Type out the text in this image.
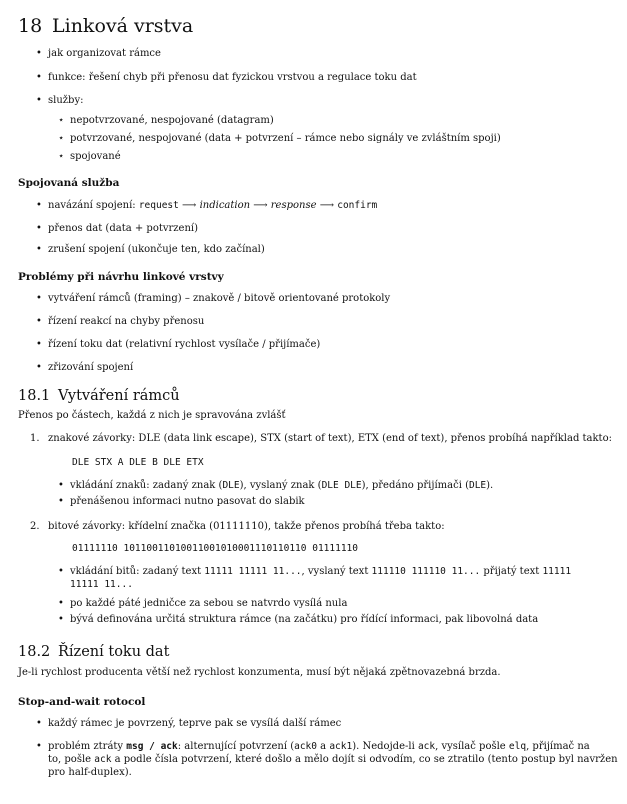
18 Linková vrstva
• jak organizovat rámce
• funkce: řešení chyb při přenosu dat fyzickou vrstvou a regulace toku dat
• služby:
⋆ nepotvrzované, nespojované (datagram)
⋆ potvrzované, nespojované (data + potvrzení – rámce nebo signály ve zvláštním spoji)
⋆ spojované
Spojovaná služba
• navázání spojení: request ⟶ indication ⟶ response ⟶ confirm
• přenos dat (data + potvrzení)
• zrušení spojení (ukončuje ten, kdo začínal)
Problémy při návrhu linkové vrstvy
• vytváření rámců (framing) – znakově / bitově orientované protokoly
• řízení reakcí na chyby přenosu
• řízení toku dat (relativní rychlost vysílače / přijímače)
• zřizování spojení
18.1 Vytváření rámců
Přenos po částech, každá z nich je spravována zvlášť
1. znakové závorky: DLE (data link escape), STX (start of text), ETX (end of text), přenos probíhá například takto:
DLE STX A DLE B DLE ETX
• vkládání znaků: zadaný znak (DLE), vyslaný znak (DLE DLE), předáno přijímači (DLE).
• přenášenou informaci nutno pasovat do slabik
2. bitové závorky: křídelní značka (01111110), takže přenos probíhá třeba takto:
01111110 10110011010011001010001110110110 01111110
• vkládání bitů: zadaný text 11111 11111 11..., vyslaný text 111110 111110 11... přijatý text 11111
11111 11...
• po každé páté jedničce za sebou se natvrdo vysílá nula
• bývá definována určitá struktura rámce (na začátku) pro řídící informaci, pak libovolná data
18.2 Řízení toku dat
Je-li rychlost producenta větší než rychlost konzumenta, musí být nějaká zpětnovazebná brzda.
Stop-and-wait rotocol
• každý rámec je povrzený, teprve pak se vysílá další rámec
• problém ztráty msg / ack: alternující potvrzení (ack0 a ack1). Nedojde-li ack, vysílač pošle elq, přijímač na
to, pošle ack a podle čísla potvrzení, které došlo a mělo dojít si odvodím, co se ztratilo (tento postup byl navržen
pro half-duplex).
